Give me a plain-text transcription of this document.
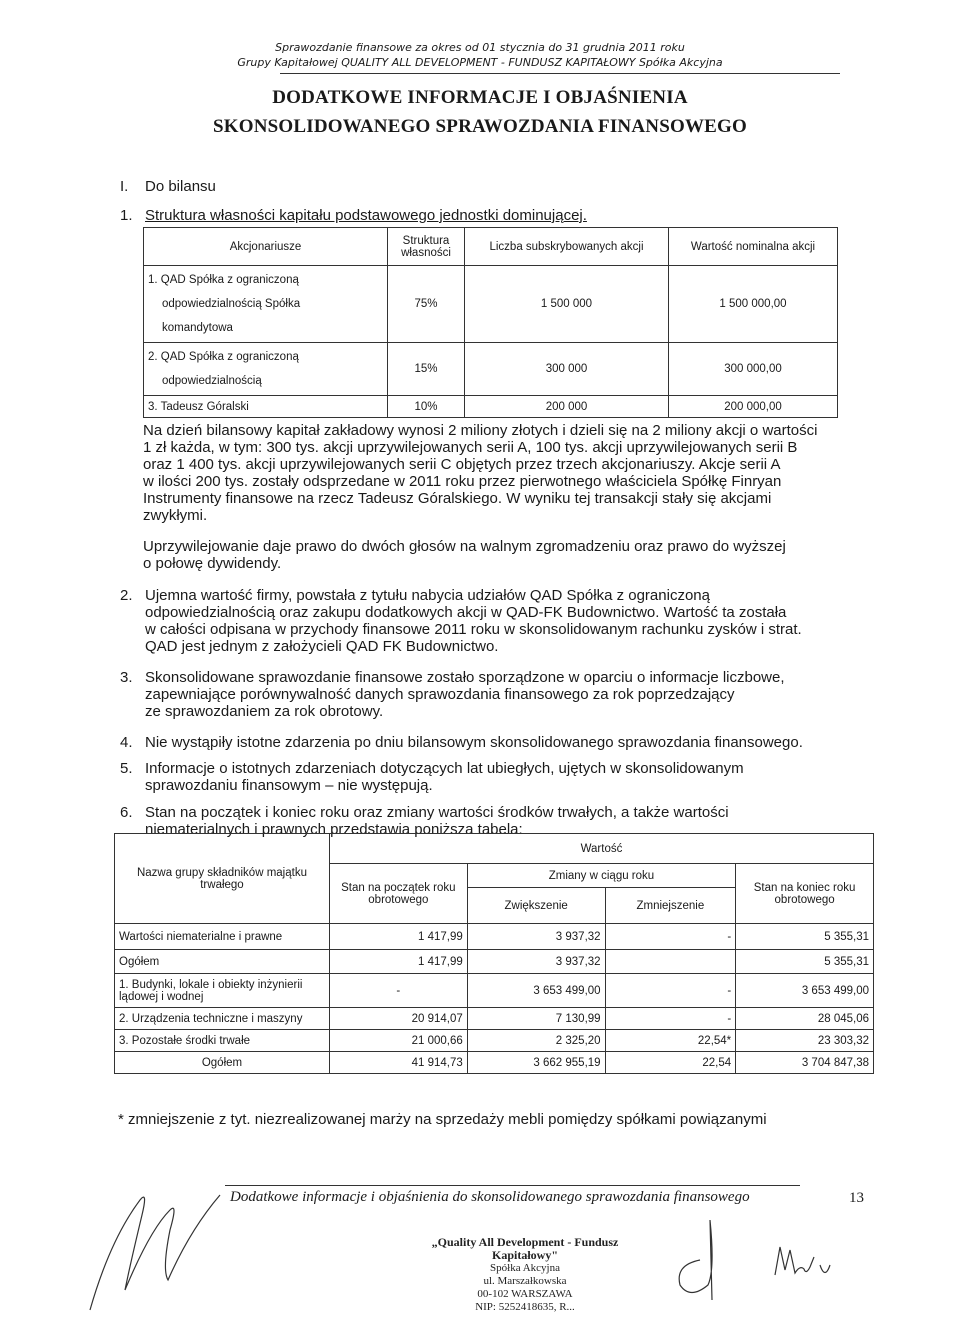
Sprawozdanie finansowe za okres od 01 stycznia do 31 grudnia 2011 roku
Grupy Kapitałowej QUALITY ALL DEVELOPMENT - FUNDUSZ KAPITAŁOWY Spółka Akcyjna
DODATKOWE INFORMACJE I OBJAŚNIENIA
SKONSOLIDOWANEGO SPRAWOZDANIA FINANSOWEGO
I. Do bilansu
1. Struktura własności kapitału podstawowego jednostki dominującej.
Akcjonariusze	Struktura własności	Liczba subskrybowanych akcji	Wartość nominalna akcji

1. QAD Spółka z ograniczoną
odpowiedzialnością Spółka
komandytowa	75%	1 500 000	1 500 000,00

2. QAD Spółka z ograniczoną
odpowiedzialnością	15%	300 000	300 000,00

3. Tadeusz Góralski	10%	200 000	200 000,00
Na dzień bilansowy kapitał zakładowy wynosi 2 miliony złotych i dzieli się na 2 miliony akcji o wartości
1 zł każda, w tym: 300 tys. akcji uprzywilejowanych serii A, 100 tys. akcji uprzywilejowanych serii B
oraz 1 400 tys. akcji uprzywilejowanych serii C objętych przez trzech akcjonariuszy. Akcje serii A
w ilości 200 tys. zostały odsprzedane w 2011 roku przez pierwotnego właściciela Spółkę Finryan
Instrumenty finansowe na rzecz Tadeusz Góralskiego. W wyniku tej transakcji stały się akcjami
zwykłymi.
Uprzywilejowanie daje prawo do dwóch głosów na walnym zgromadzeniu oraz prawo do wyższej
o połowę dywidendy.
2. Ujemna wartość firmy, powstała z tytułu nabycia udziałów QAD Spółka z ograniczoną
odpowiedzialnością oraz zakupu dodatkowych akcji w QAD-FK Budownictwo. Wartość ta została
w całości odpisana w przychody finansowe 2011 roku w skonsolidowanym rachunku zysków i strat.
QAD jest jednym z założycieli QAD FK Budownictwo.
3. Skonsolidowane sprawozdanie finansowe zostało sporządzone w oparciu o informacje liczbowe,
zapewniające porównywalność danych sprawozdania finansowego za rok poprzedzający
ze sprawozdaniem za rok obrotowy.
4. Nie wystąpiły istotne zdarzenia po dniu bilansowym skonsolidowanego sprawozdania finansowego.
5. Informacje o istotnych zdarzeniach dotyczących lat ubiegłych, ujętych w skonsolidowanym
sprawozdaniu finansowym – nie występują.
6. Stan na początek i koniec roku oraz zmiany wartości środków trwałych, a także wartości
niematerialnych i prawnych przedstawia poniższa tabela:
Nazwa grupy składników majątku trwałego	Wartość			
	Stan na początek roku obrotowego	Zmiany w ciągu roku		Stan na koniec roku obrotowego
		Zwiększenie	Zmniejszenie	
Wartości niematerialne i prawne	1 417,99	3 937,32	-	5 355,31
Ogółem	1 417,99	3 937,32		5 355,31
1. Budynki, lokale i obiekty inżynierii lądowej i wodnej	-	3 653 499,00	-	3 653 499,00
2. Urządzenia techniczne i maszyny	20 914,07	7 130,99	-	28 045,06
3. Pozostałe środki trwałe	21 000,66	2 325,20	22,54*	23 303,32
Ogółem	41 914,73	3 662 955,19	22,54	3 704 847,38
* zmniejszenie z tyt. niezrealizowanej marży na sprzedaży mebli pomiędzy spółkami powiązanymi
Dodatkowe informacje i objaśnienia do skonsolidowanego sprawozdania finansowego	13
„Quality All Development - Fundusz Kapitałowy"
Spółka Akcyjna
ul. Marszałkowska
00-102 WARSZAWA
NIP: 5252418635, R...
